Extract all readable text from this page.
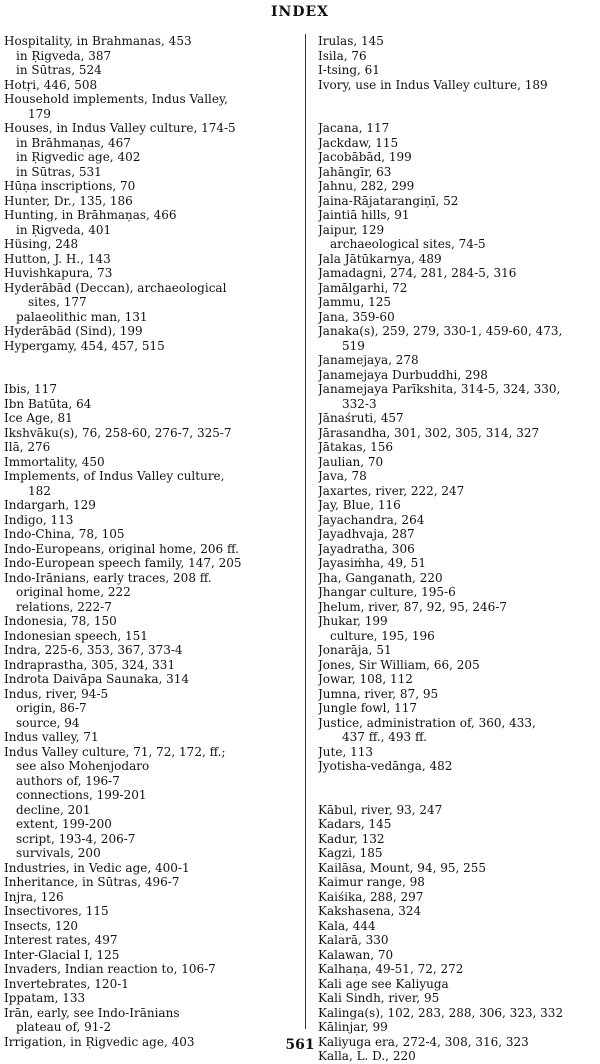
INDEX
Hospitality, in Brahmanas, 453
in Ṛigveda, 387
in Sūtras, 524
Hotṛi, 446, 508
Household implements, Indus Valley,
179
Houses, in Indus Valley culture, 174-5
in Brāhmaṇas, 467
in Ṛigvedic age, 402
in Sūtras, 531
Hūṇa inscriptions, 70
Hunter, Dr., 135, 186
Hunting, in Brāhmaṇas, 466
in Ṛigveda, 401
Hüsing, 248
Hutton, J. H., 143
Huvishkapura, 73
Hyderābād (Deccan), archaeological
sites, 177
palaeolithic man, 131
Hyderābād (Sind), 199
Hypergamy, 454, 457, 515
Ibis, 117
Ibn Batūta, 64
Ice Age, 81
Ikshvāku(s), 76, 258-60, 276-7, 325-7
Ilā, 276
Immortality, 450
Implements, of Indus Valley culture,
182
Indargarh, 129
Indigo, 113
Indo-China, 78, 105
Indo-Europeans, original home, 206 ff.
Indo-European speech family, 147, 205
Indo-Irānians, early traces, 208 ff.
original home, 222
relations, 222-7
Indonesia, 78, 150
Indonesian speech, 151
Indra, 225-6, 353, 367, 373-4
Indraprastha, 305, 324, 331
Indrota Daivāpa Saunaka, 314
Indus, river, 94-5
origin, 86-7
source, 94
Indus valley, 71
Indus Valley culture, 71, 72, 172, ff.;
see also Mohenjodaro
authors of, 196-7
connections, 199-201
decline, 201
extent, 199-200
script, 193-4, 206-7
survivals, 200
Industries, in Vedic age, 400-1
Inheritance, in Sūtras, 496-7
Injra, 126
Insectivores, 115
Insects, 120
Interest rates, 497
Inter-Glacial I, 125
Invaders, Indian reaction to, 106-7
Invertebrates, 120-1
Ippatam, 133
Irān, early, see Indo-Irānians
plateau of, 91-2
Irrigation, in Ṛigvedic age, 403
Irulas, 145
Isila, 76
I-tsing, 61
Ivory, use in Indus Valley culture, 189
Jacana, 117
Jackdaw, 115
Jacobābād, 199
Jahāngīr, 63
Jahnu, 282, 299
Jaina-Rājatarangiṇī, 52
Jaintiā hills, 91
Jaipur, 129
archaeological sites, 74-5
Jala Jātūkarnya, 489
Jamadagni, 274, 281, 284-5, 316
Jamālgarhi, 72
Jammu, 125
Jana, 359-60
Janaka(s), 259, 279, 330-1, 459-60, 473,
519
Janamejaya, 278
Janamejaya Durbuddhi, 298
Janamejaya Parīkshita, 314-5, 324, 330,
332-3
Jānaśruti, 457
Jārasandha, 301, 302, 305, 314, 327
Jātakas, 156
Jaulian, 70
Java, 78
Jaxartes, river, 222, 247
Jay, Blue, 116
Jayachandra, 264
Jayadhvaja, 287
Jayadratha, 306
Jayasiṁha, 49, 51
Jha, Ganganath, 220
Jhangar culture, 195-6
Jhelum, river, 87, 92, 95, 246-7
Jhukar, 199
culture, 195, 196
Jonarāja, 51
Jones, Sir William, 66, 205
Jowar, 108, 112
Jumna, river, 87, 95
Jungle fowl, 117
Justice, administration of, 360, 433,
437 ff., 493 ff.
Jute, 113
Jyotisha-vedānga, 482
Kābul, river, 93, 247
Kadars, 145
Kadur, 132
Kagzi, 185
Kailāsa, Mount, 94, 95, 255
Kaimur range, 98
Kaiśika, 288, 297
Kakshasena, 324
Kala, 444
Kalarā, 330
Kalawan, 70
Kalhaṇa, 49-51, 72, 272
Kali age see Kaliyuga
Kali Sindh, river, 95
Kalinga(s), 102, 283, 288, 306, 323, 332
Kālinjar, 99
Kaliyuga era, 272-4, 308, 316, 323
Kalla, L. D., 220
561
